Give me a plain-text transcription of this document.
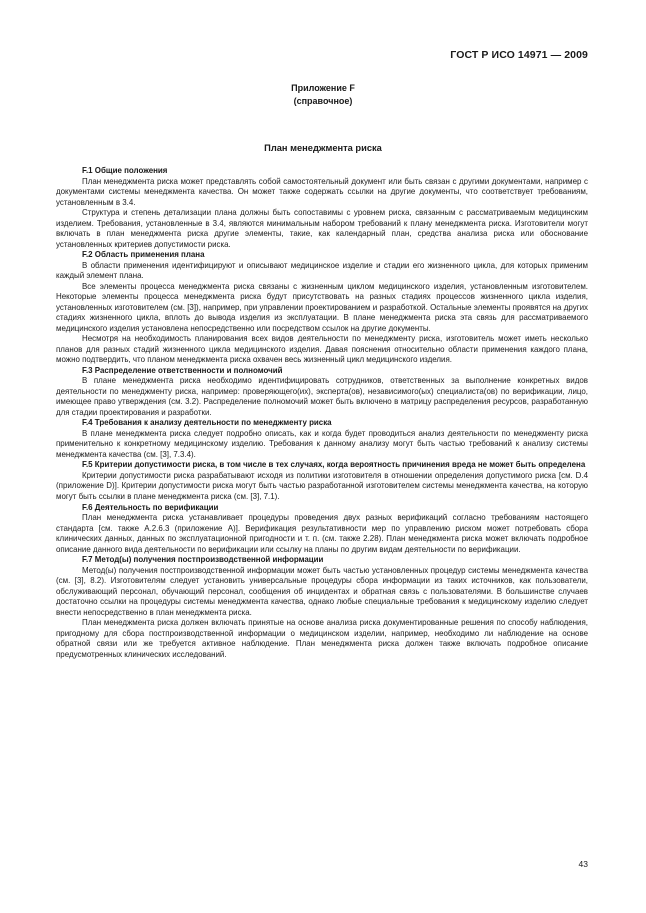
ГОСТ Р ИСО 14971 — 2009
Приложение F
(справочное)
План менеджмента риска
F.1 Общие положения

План менеджмента риска может представлять собой самостоятельный документ или быть связан с другими документами, например с документами системы менеджмента качества. Он может также содержать ссылки на другие документы, что соответствует требованиям, установленным в 3.4.

Структура и степень детализации плана должны быть сопоставимы с уровнем риска, связанным с рассматриваемым медицинским изделием. Требования, установленные в 3.4, являются минимальным набором требований к плану менеджмента риска. Изготовители могут включать в план менеджмента риска другие элементы, такие, как календарный план, средства анализа риска или обоснование установленных критериев допустимости риска.

F.2 Область применения плана

В области применения идентифицируют и описывают медицинское изделие и стадии его жизненного цикла, для которых применим каждый элемент плана.

Все элементы процесса менеджмента риска связаны с жизненным циклом медицинского изделия, установленным изготовителем. Некоторые элементы процесса менеджмента риска будут присутствовать на разных стадиях процессов жизненного цикла изделия, установленных изготовителем (см. [3]), например, при управлении проектированием и разработкой. Остальные элементы проявятся на других стадиях жизненного цикла, вплоть до вывода изделия из эксплуатации. В плане менеджмента риска эта связь для рассматриваемого медицинского изделия установлена непосредственно или посредством ссылок на другие документы.

Несмотря на необходимость планирования всех видов деятельности по менеджменту риска, изготовитель может иметь несколько планов для разных стадий жизненного цикла медицинского изделия. Давая пояснения относительно области применения каждого плана, можно подтвердить, что планом менеджмента риска охвачен весь жизненный цикл медицинского изделия.

F.3 Распределение ответственности и полномочий

В плане менеджмента риска необходимо идентифицировать сотрудников, ответственных за выполнение конкретных видов деятельности по менеджменту риска, например: проверяющего(их), эксперта(ов), независимого(ых) специалиста(ов) по верификации, лицо, имеющее право утверждения (см. 3.2). Распределение полномочий может быть включено в матрицу распределения ресурсов, разработанную для стадии проектирования и разработки.

F.4 Требования к анализу деятельности по менеджменту риска

В плане менеджмента риска следует подробно описать, как и когда будет проводиться анализ деятельности по менеджменту риска применительно к конкретному медицинскому изделию. Требования к данному анализу могут быть частью требований к анализу системы менеджмента качества (см. [3], 7.3.4).

F.5 Критерии допустимости риска, в том числе в тех случаях, когда вероятность причинения вреда не может быть определена

Критерии допустимости риска разрабатывают исходя из политики изготовителя в отношении определения допустимого риска [см. D.4 (приложение D)]. Критерии допустимости риска могут быть частью разработанной изготовителем системы менеджмента качества, на которую могут быть ссылки в плане менеджмента риска (см. [3], 7.1).

F.6 Деятельность по верификации

План менеджмента риска устанавливает процедуры проведения двух разных верификаций согласно требованиям настоящего стандарта [см. также A.2.6.3 (приложение A)]. Верификация результативности мер по управлению риском может потребовать сбора клинических данных, данных по эксплуатационной пригодности и т. п. (см. также 2.28). План менеджмента риска может включать подробное описание данного вида деятельности по верификации или ссылку на планы по другим видам деятельности по верификации.

F.7 Метод(ы) получения постпроизводственной информации

Метод(ы) получения постпроизводственной информации может быть частью установленных процедур системы менеджмента качества (см. [3], 8.2). Изготовителям следует установить универсальные процедуры сбора информации из таких источников, как пользователи, обслуживающий персонал, обучающий персонал, сообщения об инцидентах и обратная связь с пользователями. В большинстве случаев достаточно ссылки на процедуры системы менеджмента качества, однако любые специальные требования к медицинскому изделию следует внести непосредственно в план менеджмента риска.

План менеджмента риска должен включать принятые на основе анализа риска документированные решения по способу наблюдения, пригодному для сбора постпроизводственной информации о медицинском изделии, например, необходимо ли наблюдение на основе обратной связи или же требуется активное наблюдение. План менеджмента риска должен также включать подробное описание предусмотренных клинических исследований.

43
